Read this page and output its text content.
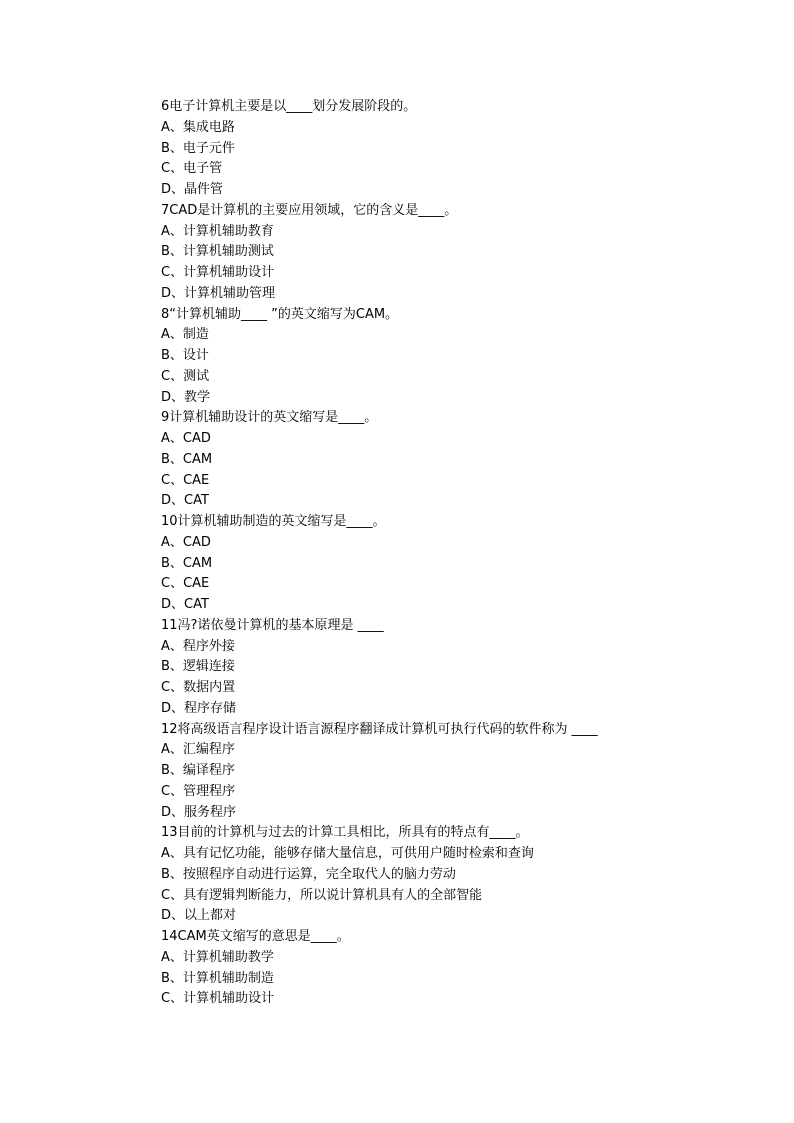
6电子计算机主要是以____划分发展阶段的。
A、集成电路
B、电子元件
C、电子管
D、晶件管
7CAD是计算机的主要应用领域，它的含义是____。
A、计算机辅助教育
B、计算机辅助测试
C、计算机辅助设计
D、计算机辅助管理
8“计算机辅助____ ”的英文缩写为CAM。
A、制造
B、设计
C、测试
D、教学
9计算机辅助设计的英文缩写是____。
A、CAD
B、CAM
C、CAE
D、CAT
10计算机辅助制造的英文缩写是____。
A、CAD
B、CAM
C、CAE
D、CAT
11冯?诺依曼计算机的基本原理是 ____
A、程序外接
B、逻辑连接
C、数据内置
D、程序存储
12将高级语言程序设计语言源程序翻译成计算机可执行代码的软件称为 ____
A、汇编程序
B、编译程序
C、管理程序
D、服务程序
13目前的计算机与过去的计算工具相比，所具有的特点有____。
A、具有记忆功能，能够存储大量信息，可供用户随时检索和查询
B、按照程序自动进行运算，完全取代人的脑力劳动
C、具有逻辑判断能力，所以说计算机具有人的全部智能
D、以上都对
14CAM英文缩写的意思是____。
A、计算机辅助教学
B、计算机辅助制造
C、计算机辅助设计
